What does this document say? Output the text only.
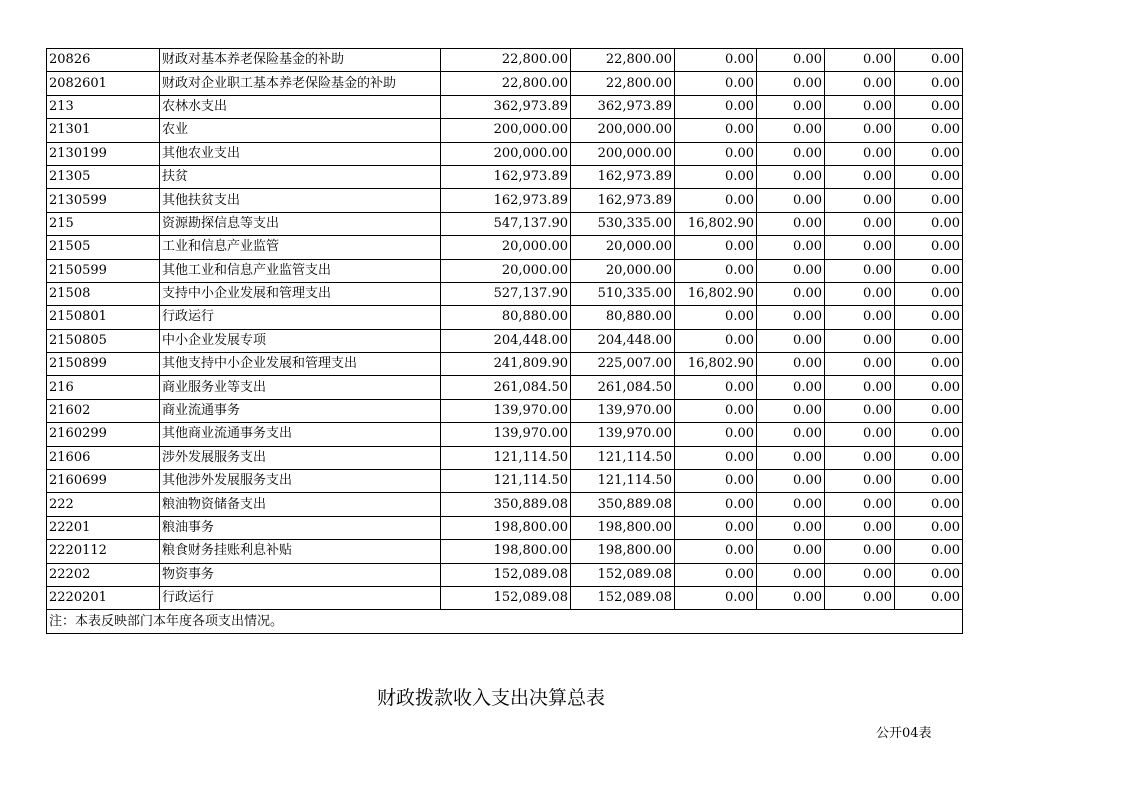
20826	财政对基本养老保险基金的补助	22,800.00	22,800.00	0.00	0.00	0.00	0.00
2082601	财政对企业职工基本养老保险基金的补助	22,800.00	22,800.00	0.00	0.00	0.00	0.00
213	农林水支出	362,973.89	362,973.89	0.00	0.00	0.00	0.00
21301	农业	200,000.00	200,000.00	0.00	0.00	0.00	0.00
2130199	其他农业支出	200,000.00	200,000.00	0.00	0.00	0.00	0.00
21305	扶贫	162,973.89	162,973.89	0.00	0.00	0.00	0.00
2130599	其他扶贫支出	162,973.89	162,973.89	0.00	0.00	0.00	0.00
215	资源勘探信息等支出	547,137.90	530,335.00	16,802.90	0.00	0.00	0.00
21505	工业和信息产业监管	20,000.00	20,000.00	0.00	0.00	0.00	0.00
2150599	其他工业和信息产业监管支出	20,000.00	20,000.00	0.00	0.00	0.00	0.00
21508	支持中小企业发展和管理支出	527,137.90	510,335.00	16,802.90	0.00	0.00	0.00
2150801	行政运行	80,880.00	80,880.00	0.00	0.00	0.00	0.00
2150805	中小企业发展专项	204,448.00	204,448.00	0.00	0.00	0.00	0.00
2150899	其他支持中小企业发展和管理支出	241,809.90	225,007.00	16,802.90	0.00	0.00	0.00
216	商业服务业等支出	261,084.50	261,084.50	0.00	0.00	0.00	0.00
21602	商业流通事务	139,970.00	139,970.00	0.00	0.00	0.00	0.00
2160299	其他商业流通事务支出	139,970.00	139,970.00	0.00	0.00	0.00	0.00
21606	涉外发展服务支出	121,114.50	121,114.50	0.00	0.00	0.00	0.00
2160699	其他涉外发展服务支出	121,114.50	121,114.50	0.00	0.00	0.00	0.00
222	粮油物资储备支出	350,889.08	350,889.08	0.00	0.00	0.00	0.00
22201	粮油事务	198,800.00	198,800.00	0.00	0.00	0.00	0.00
2220112	粮食财务挂账利息补贴	198,800.00	198,800.00	0.00	0.00	0.00	0.00
22202	物资事务	152,089.08	152,089.08	0.00	0.00	0.00	0.00
2220201	行政运行	152,089.08	152,089.08	0.00	0.00	0.00	0.00
注：本表反映部门本年度各项支出情况。							
财政拨款收入支出决算总表
公开04表
